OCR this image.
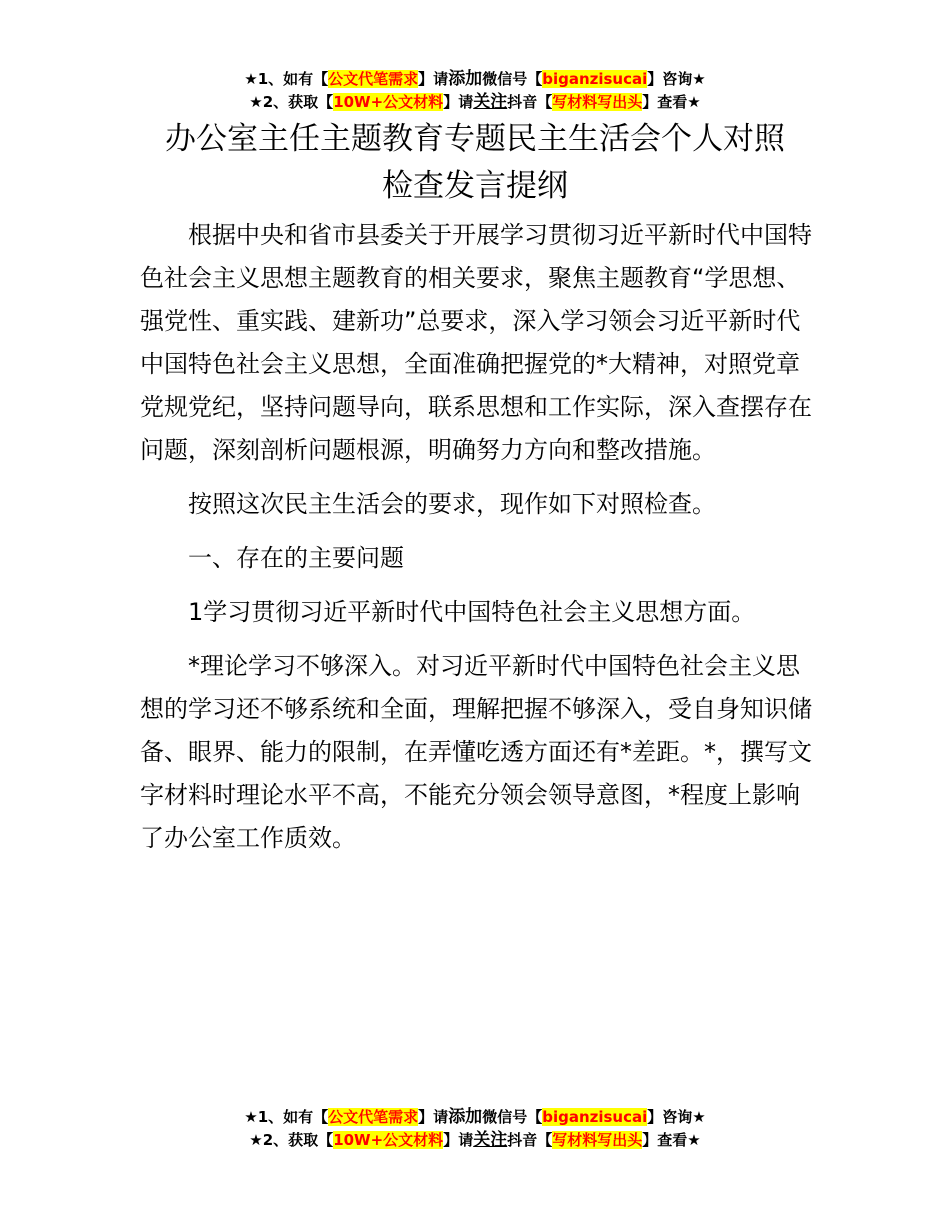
★1、如有【公文代笔需求】请添加微信号【biganzisucai】咨询★
★2、获取【10W+公文材料】请关注抖音【写材料写出头】查看★
办公室主任主题教育专题民主生活会个人对照
检查发言提纲

根据中央和省市县委关于开展学习贯彻习近平新时代中国特色社会主义思想主题教育的相关要求，聚焦主题教育“学思想、强党性、重实践、建新功”总要求，深入学习领会习近平新时代中国特色社会主义思想，全面准确把握党的*大精神，对照党章党规党纪，坚持问题导向，联系思想和工作实际，深入查摆存在问题，深刻剖析问题根源，明确努力方向和整改措施。

按照这次民主生活会的要求，现作如下对照检查。

一、存在的主要问题

1学习贯彻习近平新时代中国特色社会主义思想方面。

*理论学习不够深入。对习近平新时代中国特色社会主义思想的学习还不够系统和全面，理解把握不够深入，受自身知识储备、眼界、能力的限制，在弄懂吃透方面还有*差距。*，撰写文字材料时理论水平不高，不能充分领会领导意图，*程度上影响了办公室工作质效。

★1、如有【公文代笔需求】请添加微信号【biganzisucai】咨询★
★2、获取【10W+公文材料】请关注抖音【写材料写出头】查看★
